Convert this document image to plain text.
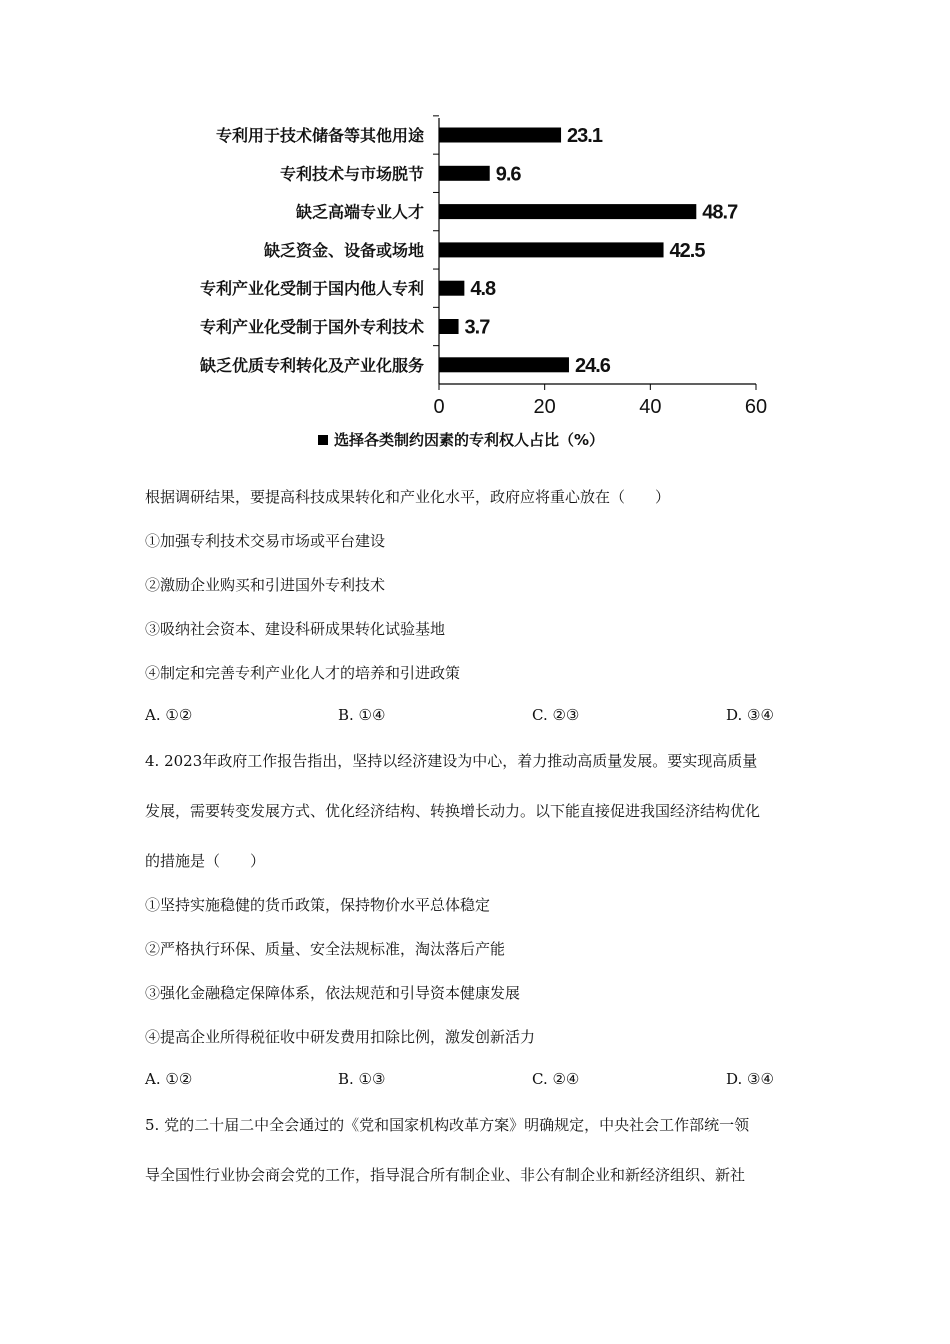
专利用于技术储备等其他用途
专利技术与市场脱节
缺乏高端专业人才
缺乏资金、设备或场地
专利产业化受制于国内他人专利
专利产业化受制于国外专利技术
缺乏优质专利转化及产业化服务
23.1
9.6
48.7
42.5
4.8
3.7
24.6
0	20	40	60
选择各类制约因素的专利权人占比（%）
根据调研结果，要提高科技成果转化和产业化水平，政府应将重心放在（　　）
①加强专利技术交易市场或平台建设
②激励企业购买和引进国外专利技术
③吸纳社会资本、建设科研成果转化试验基地
④制定和完善专利产业化人才的培养和引进政策
A. ①②	B. ①④	C. ②③	D. ③④
4. 2023年政府工作报告指出，坚持以经济建设为中心，着力推动高质量发展。要实现高质量
发展，需要转变发展方式、优化经济结构、转换增长动力。以下能直接促进我国经济结构优化
的措施是（　　）
①坚持实施稳健的货币政策，保持物价水平总体稳定
②严格执行环保、质量、安全法规标准，淘汰落后产能
③强化金融稳定保障体系，依法规范和引导资本健康发展
④提高企业所得税征收中研发费用扣除比例，激发创新活力
A. ①②	B. ①③	C. ②④	D. ③④
5. 党的二十届二中全会通过的《党和国家机构改革方案》明确规定，中央社会工作部统一领
导全国性行业协会商会党的工作，指导混合所有制企业、非公有制企业和新经济组织、新社
